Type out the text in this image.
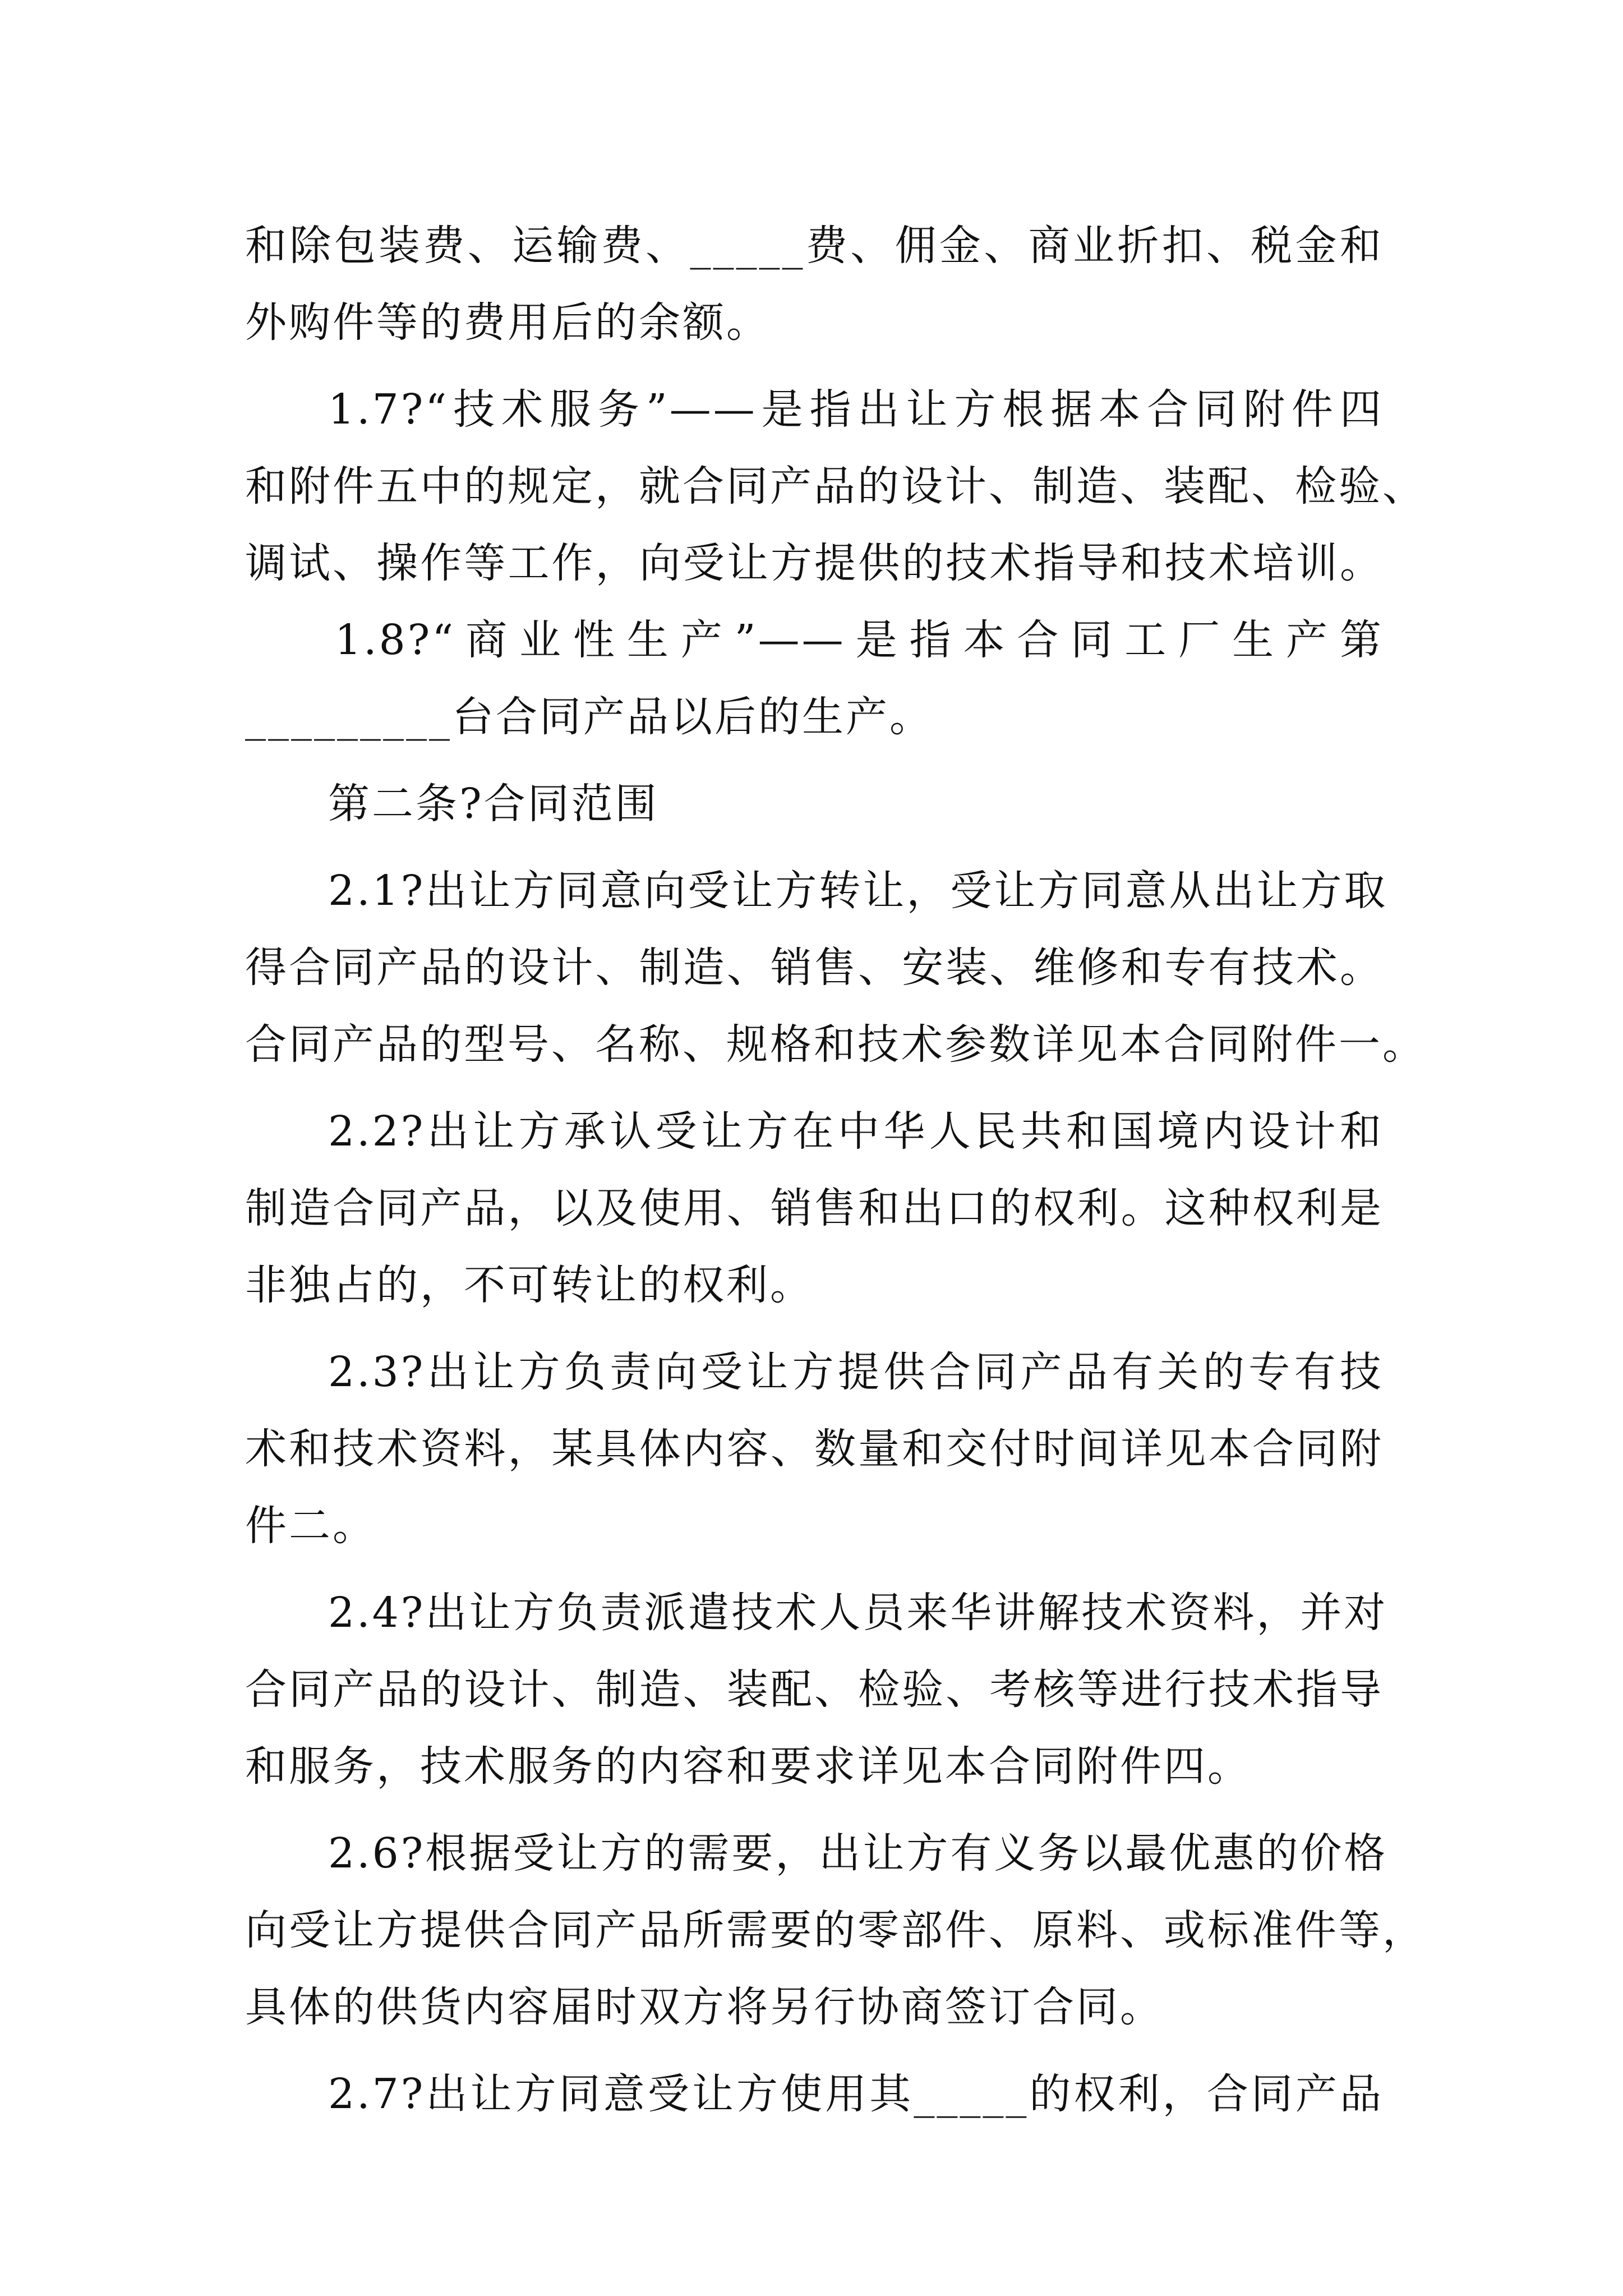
和除包装费、运输费、_____费、佣金、商业折扣、税金和
外购件等的费用后的余额。
1.7?“技术服务”——是指出让方根据本合同附件四
和附件五中的规定，就合同产品的设计、制造、装配、检验、
调试、操作等工作，向受让方提供的技术指导和技术培训。
1.8?“商业性生产”——是指本合同工厂生产第
_________台合同产品以后的生产。
第二条?合同范围
2.1?出让方同意向受让方转让，受让方同意从出让方取
得合同产品的设计、制造、销售、安装、维修和专有技术。
合同产品的型号、名称、规格和技术参数详见本合同附件一。
2.2?出让方承认受让方在中华人民共和国境内设计和
制造合同产品，以及使用、销售和出口的权利。这种权利是
非独占的，不可转让的权利。
2.3?出让方负责向受让方提供合同产品有关的专有技
术和技术资料，某具体内容、数量和交付时间详见本合同附
件二。
2.4?出让方负责派遣技术人员来华讲解技术资料，并对
合同产品的设计、制造、装配、检验、考核等进行技术指导
和服务，技术服务的内容和要求详见本合同附件四。
2.6?根据受让方的需要，出让方有义务以最优惠的价格
向受让方提供合同产品所需要的零部件、原料、或标准件等，
具体的供货内容届时双方将另行协商签订合同。
2.7?出让方同意受让方使用其_____的权利，合同产品
